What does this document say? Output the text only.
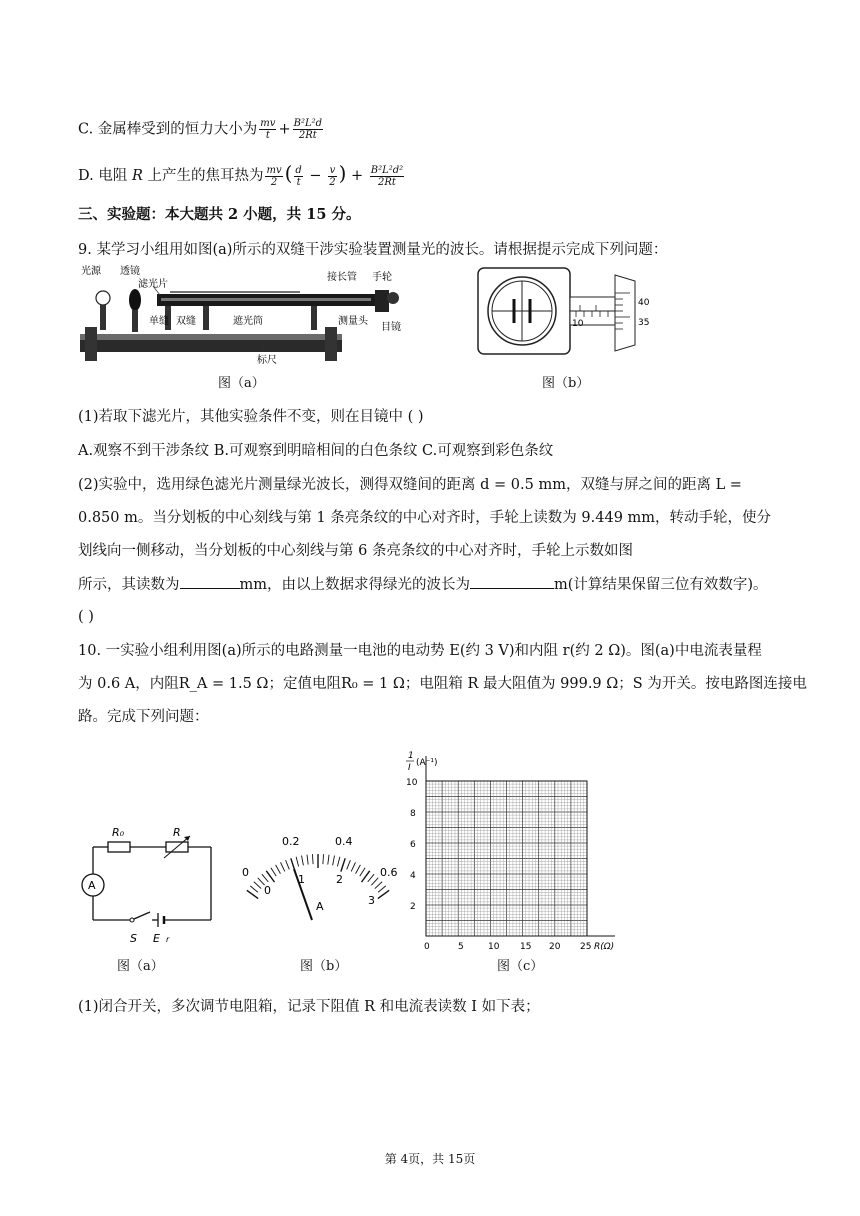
C. 金属棒受到的恒力大小为 $\frac{mv}{t} + \frac{\text{B²L²d}}{2Rt}$
D. 电阻 R 上产生的焦耳热为 $\frac{mv}{2}$ ( $\frac{d}{t} - \frac{v}{2}$ ) + $\frac{\text{B²L²d²}}{2Rt}$
三、实验题：本大题共 2 小题，共 15 分。
9. 某学习小组用如图(a)所示的双缝干涉实验装置测量光的波长。请根据提示完成下列问题：
光源 透镜
滤光片
接长管 手轮
单缝 双缝	遮光筒	测量头
目镜
标尺
40
35
10
图（a）	图（b）
(1)若取下滤光片，其他实验条件不变，则在目镜中 ( )
A.观察不到干涉条纹 B.可观察到明暗相间的白色条纹 C.可观察到彩色条纹
(2)实验中，选用绿色滤光片测量绿光波长，测得双缝间的距离 d = 0.5 mm，双缝与屏之间的距离 L =
0.850 m。当分划板的中心刻线与第 1 条亮条纹的中心对齐时，手轮上读数为 9.449 mm，转动手轮，使分
划线向一侧移动，当分划板的中心刻线与第 6 条亮条纹的中心对齐时，手轮上示数如图
所示，其读数为	mm，由以上数据求得绿光的波长为	m(计算结果保留三位有效数字)。
( )
10. 一实验小组利用图(a)所示的电路测量一电池的电动势 E(约 3 V)和内阻 r(约 2 Ω)。图(a)中电流表量程
为 0.6 A，内阻R_A = 1.5 Ω；定值电阻R₀ = 1 Ω；电阻箱 R 最大阻值为 999.9 Ω；S 为开关。按电路图连接电
路。完成下列问题：
A
R₀	R
S E r
0
0.2	0.4
0.6
0
1	2
3
A
1
I (A⁻¹)
10
8
6
4
2
0	5	10 15 20 25 R(Ω)
图（a）	图（b）	图（c）
(1)闭合开关，多次调节电阻箱，记录下阻值 R 和电流表读数 I 如下表；
第 4页，共 15页
